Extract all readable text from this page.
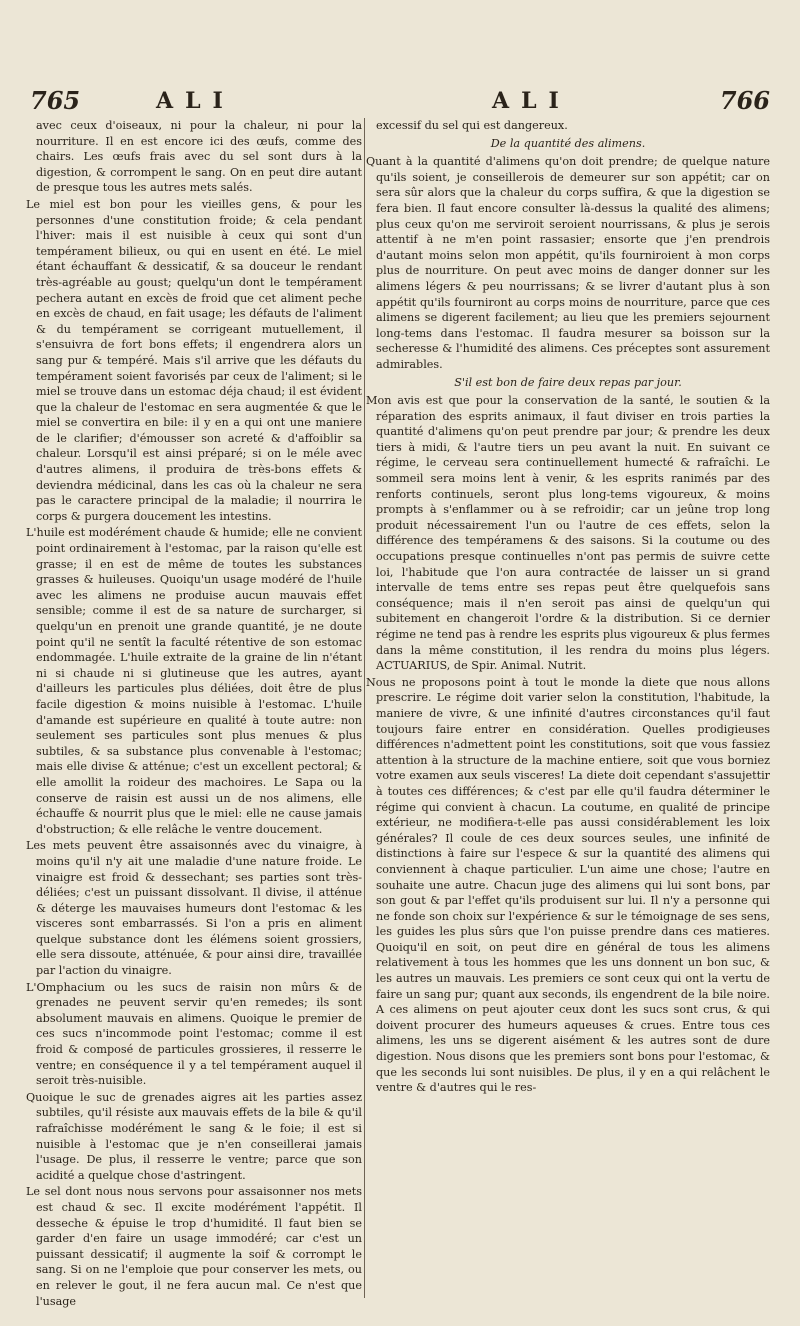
765	ALI	ALI	766

avec ceux d'oiseaux, ni pour la chaleur, ni pour la nourriture. Il en est encore ici des œufs, comme des chairs. Les œufs frais avec du sel sont durs à la digestion, & corrompent le sang. On en peut dire autant de presque tous les autres mets salés.

Le miel est bon pour les vieilles gens, & pour les personnes d'une constitution froide; & cela pendant l'hiver: mais il est nuisible à ceux qui sont d'un tempérament bilieux, ou qui en usent en été. Le miel étant échauffant & dessicatif, & sa douceur le rendant très-agréable au goust; quelqu'un dont le tempérament pechera autant en excès de froid que cet aliment peche en excès de chaud, en fait usage; les défauts de l'aliment & du tempérament se corrigeant mutuellement, il s'ensuivra de fort bons effets; il engendrera alors un sang pur & tempéré. Mais s'il arrive que les défauts du tempérament soient favorisés par ceux de l'aliment; si le miel se trouve dans un estomac déja chaud; il est évident que la chaleur de l'estomac en sera augmentée & que le miel se convertira en bile: il y en a qui ont une maniere de le clarifier; d'émousser son acreté & d'affoiblir sa chaleur. Lorsqu'il est ainsi préparé; si on le méle avec d'autres alimens, il produira de très-bons effets & deviendra médicinal, dans les cas où la chaleur ne sera pas le caractere principal de la maladie; il nourrira le corps & purgera doucement les intestins.

L'huile est modérément chaude & humide; elle ne convient point ordinairement à l'estomac, par la raison qu'elle est grasse; il en est de même de toutes les substances grasses & huileuses. Quoiqu'un usage modéré de l'huile avec les alimens ne produise aucun mauvais effet sensible; comme il est de sa nature de surcharger, si quelqu'un en prenoit une grande quantité, je ne doute point qu'il ne sentît la faculté rétentive de son estomac endommagée. L'huile extraite de la graine de lin n'étant ni si chaude ni si glutineuse que les autres, ayant d'ailleurs les particules plus déliées, doit être de plus facile digestion & moins nuisible à l'estomac. L'huile d'amande est supérieure en qualité à toute autre: non seulement ses particules sont plus menues & plus subtiles, & sa substance plus convenable à l'estomac; mais elle divise & atténue; c'est un excellent pectoral; & elle amollit la roideur des machoires. Le Sapa ou la conserve de raisin est aussi un de nos alimens, elle échauffe & nourrit plus que le miel: elle ne cause jamais d'obstruction; & elle relâche le ventre doucement.

Les mets peuvent être assaisonnés avec du vinaigre, à moins qu'il n'y ait une maladie d'une nature froide. Le vinaigre est froid & dessechant; ses parties sont très-déliées; c'est un puissant dissolvant. Il divise, il atténue & déterge les mauvaises humeurs dont l'estomac & les visceres sont embarrassés. Si l'on a pris en aliment quelque substance dont les élémens soient grossiers, elle sera dissoute, atténuée, & pour ainsi dire, travaillée par l'action du vinaigre.

L'Omphacium ou les sucs de raisin non mûrs & de grenades ne peuvent servir qu'en remedes; ils sont absolument mauvais en alimens. Quoique le premier de ces sucs n'incommode point l'estomac; comme il est froid & composé de particules grossieres, il resserre le ventre; en conséquence il y a tel tempérament auquel il seroit très-nuisible.

Quoique le suc de grenades aigres ait les parties assez subtiles, qu'il résiste aux mauvais effets de la bile & qu'il rafraîchisse modérément le sang & le foie; il est si nuisible à l'estomac que je n'en conseillerai jamais l'usage. De plus, il resserre le ventre; parce que son acidité a quelque chose d'astringent.

Le sel dont nous nous servons pour assaisonner nos mets est chaud & sec. Il excite modérément l'appétit. Il desseche & épuise le trop d'humidité. Il faut bien se garder d'en faire un usage immodéré; car c'est un puissant dessicatif; il augmente la soif & corrompt le sang. Si on ne l'emploie que pour conserver les mets, ou en relever le gout, il ne fera aucun mal. Ce n'est que l'usage

excessif du sel qui est dangereux.

De la quantité des alimens.

Quant à la quantité d'alimens qu'on doit prendre; de quelque nature qu'ils soient, je conseillerois de demeurer sur son appétit; car on sera sûr alors que la chaleur du corps suffira, & que la digestion se fera bien. Il faut encore consulter là-dessus la qualité des alimens; plus ceux qu'on me serviroit seroient nourrissans, & plus je serois attentif à ne m'en point rassasier; ensorte que j'en prendrois d'autant moins selon mon appétit, qu'ils fourniroient à mon corps plus de nourriture. On peut avec moins de danger donner sur les alimens légers & peu nourrissans; & se livrer d'autant plus à son appétit qu'ils fourniront au corps moins de nourriture, parce que ces alimens se digerent facilement; au lieu que les premiers sejournent long-tems dans l'estomac. Il faudra mesurer sa boisson sur la secheresse & l'humidité des alimens. Ces préceptes sont assurement admirables.

S'il est bon de faire deux repas par jour.

Mon avis est que pour la conservation de la santé, le soutien & la réparation des esprits animaux, il faut diviser en trois parties la quantité d'alimens qu'on peut prendre par jour; & prendre les deux tiers à midi, & l'autre tiers un peu avant la nuit. En suivant ce régime, le cerveau sera continuellement humecté & rafraîchi. Le sommeil sera moins lent à venir, & les esprits ranimés par des renforts continuels, seront plus long-tems vigoureux, & moins prompts à s'enflammer ou à se refroidir; car un jeûne trop long produit nécessairement l'un ou l'autre de ces effets, selon la différence des tempéramens & des saisons. Si la coutume ou des occupations presque continuelles n'ont pas permis de suivre cette loi, l'habitude que l'on aura contractée de laisser un si grand intervalle de tems entre ses repas peut être quelquefois sans conséquence; mais il n'en seroit pas ainsi de quelqu'un qui subitement en changeroit l'ordre & la distribution. Si ce dernier régime ne tend pas à rendre les esprits plus vigoureux & plus fermes dans la même constitution, il les rendra du moins plus légers. ACTUARIUS, de Spir. Animal. Nutrit.

Nous ne proposons point à tout le monde la diete que nous allons prescrire. Le régime doit varier selon la constitution, l'habitude, la maniere de vivre, & une infinité d'autres circonstances qu'il faut toujours faire entrer en considération. Quelles prodigieuses différences n'admettent point les constitutions, soit que vous fassiez attention à la structure de la machine entiere, soit que vous borniez votre examen aux seuls visceres! La diete doit cependant s'assujettir à toutes ces différences; & c'est par elle qu'il faudra déterminer le régime qui convient à chacun. La coutume, en qualité de principe extérieur, ne modifiera-t-elle pas aussi considérablement les loix générales? Il coule de ces deux sources seules, une infinité de distinctions à faire sur l'espece & sur la quantité des alimens qui conviennent à chaque particulier. L'un aime une chose; l'autre en souhaite une autre. Chacun juge des alimens qui lui sont bons, par son gout & par l'effet qu'ils produisent sur lui. Il n'y a personne qui ne fonde son choix sur l'expérience & sur le témoignage de ses sens, les guides les plus sûrs que l'on puisse prendre dans ces matieres. Quoiqu'il en soit, on peut dire en général de tous les alimens relativement à tous les hommes que les uns donnent un bon suc, & les autres un mauvais. Les premiers ce sont ceux qui ont la vertu de faire un sang pur; quant aux seconds, ils engendrent de la bile noire. A ces alimens on peut ajouter ceux dont les sucs sont crus, & qui doivent procurer des humeurs aqueuses & crues. Entre tous ces alimens, les uns se digerent aisément & les autres sont de dure digestion. Nous disons que les premiers sont bons pour l'estomac, & que les seconds lui sont nuisibles. De plus, il y en a qui relâchent le ventre & d'autres qui le res-
